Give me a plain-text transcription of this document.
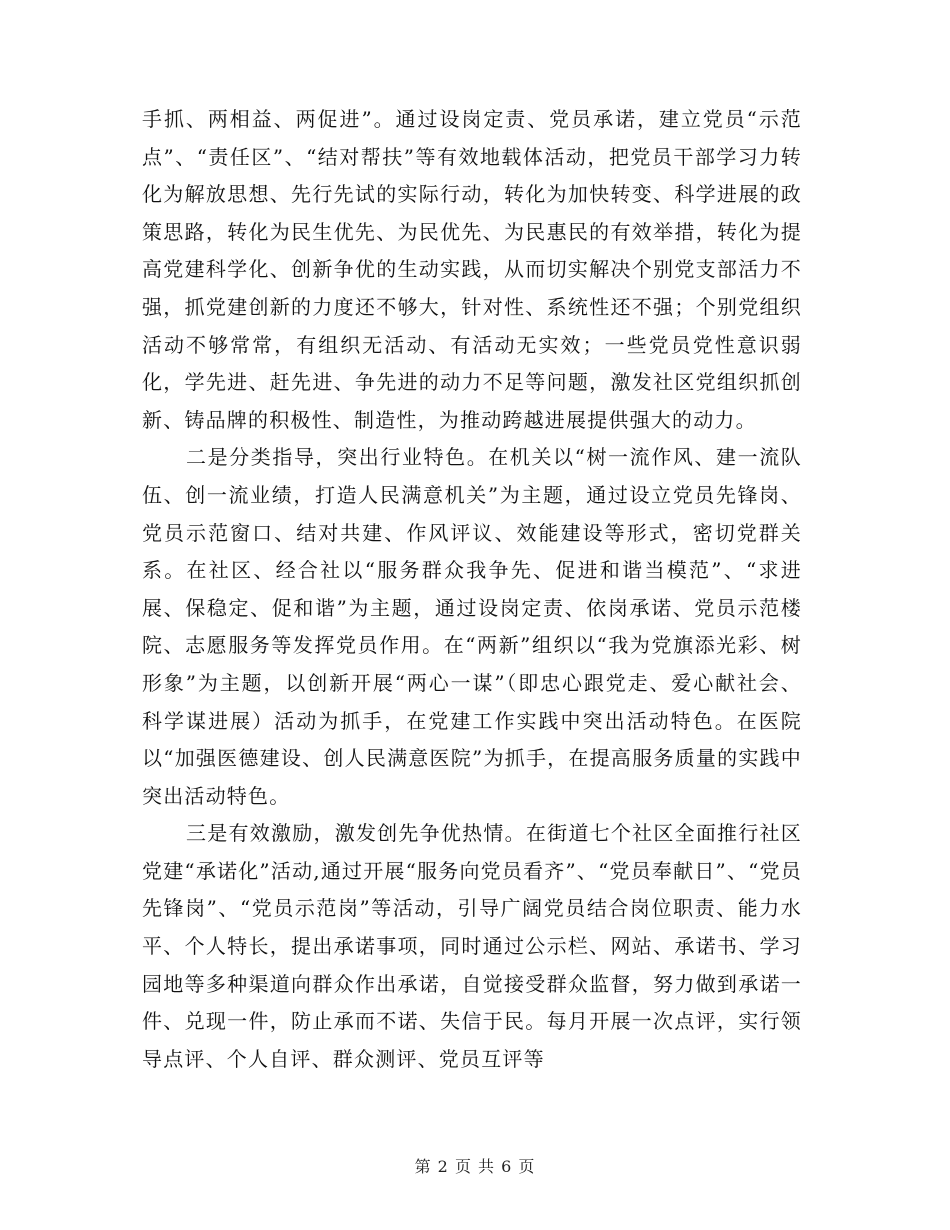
手抓、两相益、两促进”。通过设岗定责、党员承诺，建立党员“示范点”、“责任区”、“结对帮扶”等有效地载体活动，把党员干部学习力转化为解放思想、先行先试的实际行动，转化为加快转变、科学进展的政策思路，转化为民生优先、为民优先、为民惠民的有效举措，转化为提高党建科学化、创新争优的生动实践，从而切实解决个别党支部活力不强，抓党建创新的力度还不够大，针对性、系统性还不强；个别党组织活动不够常常，有组织无活动、有活动无实效；一些党员党性意识弱化，学先进、赶先进、争先进的动力不足等问题，激发社区党组织抓创新、铸品牌的积极性、制造性，为推动跨越进展提供强大的动力。

二是分类指导，突出行业特色。在机关以“树一流作风、建一流队伍、创一流业绩，打造人民满意机关”为主题，通过设立党员先锋岗、党员示范窗口、结对共建、作风评议、效能建设等形式，密切党群关系。在社区、经合社以“服务群众我争先、促进和谐当模范”、“求进展、保稳定、促和谐”为主题，通过设岗定责、依岗承诺、党员示范楼院、志愿服务等发挥党员作用。在“两新”组织以“我为党旗添光彩、树形象”为主题，以创新开展“两心一谋”（即忠心跟党走、爱心献社会、科学谋进展）活动为抓手，在党建工作实践中突出活动特色。在医院以“加强医德建设、创人民满意医院”为抓手，在提高服务质量的实践中突出活动特色。

三是有效激励，激发创先争优热情。在街道七个社区全面推行社区党建“承诺化”活动,通过开展“服务向党员看齐”、“党员奉献日”、“党员先锋岗”、“党员示范岗”等活动，引导广阔党员结合岗位职责、能力水平、个人特长，提出承诺事项，同时通过公示栏、网站、承诺书、学习园地等多种渠道向群众作出承诺，自觉接受群众监督，努力做到承诺一件、兑现一件，防止承而不诺、失信于民。每月开展一次点评，实行领导点评、个人自评、群众测评、党员互评等

第 2 页 共 6 页
